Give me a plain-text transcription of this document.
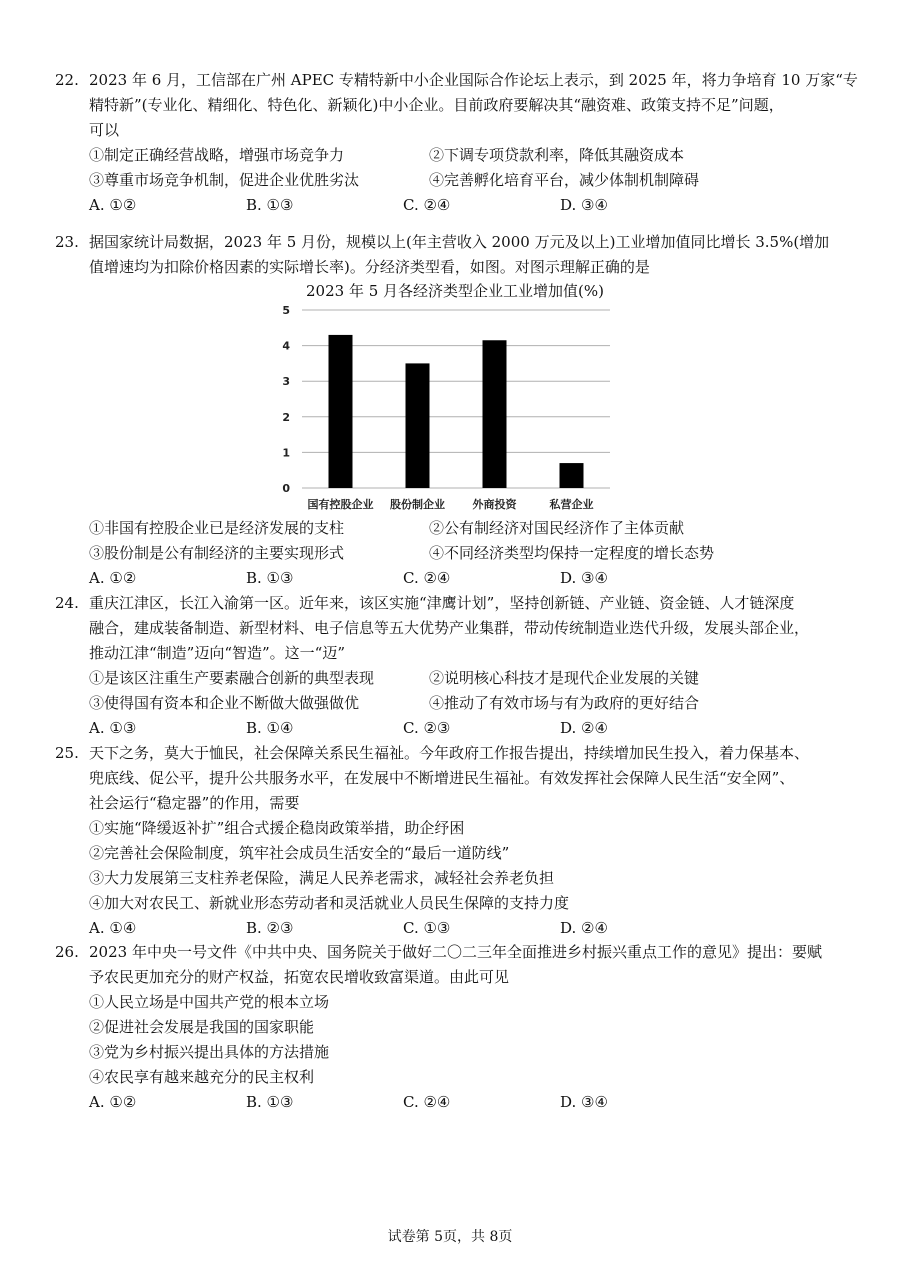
22. 2023 年 6 月，工信部在广州 APEC 专精特新中小企业国际合作论坛上表示，到 2025 年，将力争培育 10 万家“专
精特新”(专业化、精细化、特色化、新颖化)中小企业。目前政府要解决其“融资难、政策支持不足”问题，
可以
①制定正确经营战略，增强市场竞争力	②下调专项贷款利率，降低其融资成本
③尊重市场竞争机制，促进企业优胜劣汰	④完善孵化培育平台，减少体制机制障碍
A. ①②	B. ①③	C. ②④	D. ③④
23. 据国家统计局数据，2023 年 5 月份，规模以上(年主营收入 2000 万元及以上)工业增加值同比增长 3.5%(增加
值增速均为扣除价格因素的实际增长率)。分经济类型看，如图。对图示理解正确的是
2023 年 5 月各经济类型企业工业增加值(%)
0
1
2
3
4
5
国有控股企业 股份制企业	外商投资	私营企业
①非国有控股企业已是经济发展的支柱	②公有制经济对国民经济作了主体贡献
③股份制是公有制经济的主要实现形式	④不同经济类型均保持一定程度的增长态势
A. ①②	B. ①③	C. ②④	D. ③④
24. 重庆江津区，长江入渝第一区。近年来，该区实施“津鹰计划”，坚持创新链、产业链、资金链、人才链深度
融合，建成装备制造、新型材料、电子信息等五大优势产业集群，带动传统制造业迭代升级，发展头部企业，
推动江津“制造”迈向“智造”。这一“迈”
①是该区注重生产要素融合创新的典型表现	②说明核心科技才是现代企业发展的关键
③使得国有资本和企业不断做大做强做优	④推动了有效市场与有为政府的更好结合
A. ①③	B. ①④	C. ②③	D. ②④
25. 天下之务，莫大于恤民，社会保障关系民生福祉。今年政府工作报告提出，持续增加民生投入，着力保基本、
兜底线、促公平，提升公共服务水平，在发展中不断增进民生福祉。有效发挥社会保障人民生活“安全网”、
社会运行“稳定器”的作用，需要
①实施“降缓返补扩”组合式援企稳岗政策举措，助企纾困
②完善社会保险制度，筑牢社会成员生活安全的“最后一道防线”
③大力发展第三支柱养老保险，满足人民养老需求，减轻社会养老负担
④加大对农民工、新就业形态劳动者和灵活就业人员民生保障的支持力度
A. ①④	B. ②③	C. ①③	D. ②④
26. 2023 年中央一号文件《中共中央、国务院关于做好二〇二三年全面推进乡村振兴重点工作的意见》提出：要赋
予农民更加充分的财产权益，拓宽农民增收致富渠道。由此可见
①人民立场是中国共产党的根本立场
②促进社会发展是我国的国家职能
③党为乡村振兴提出具体的方法措施
④农民享有越来越充分的民主权利
A. ①②	B. ①③	C. ②④	D. ③④
试卷第 5页，共 8页
